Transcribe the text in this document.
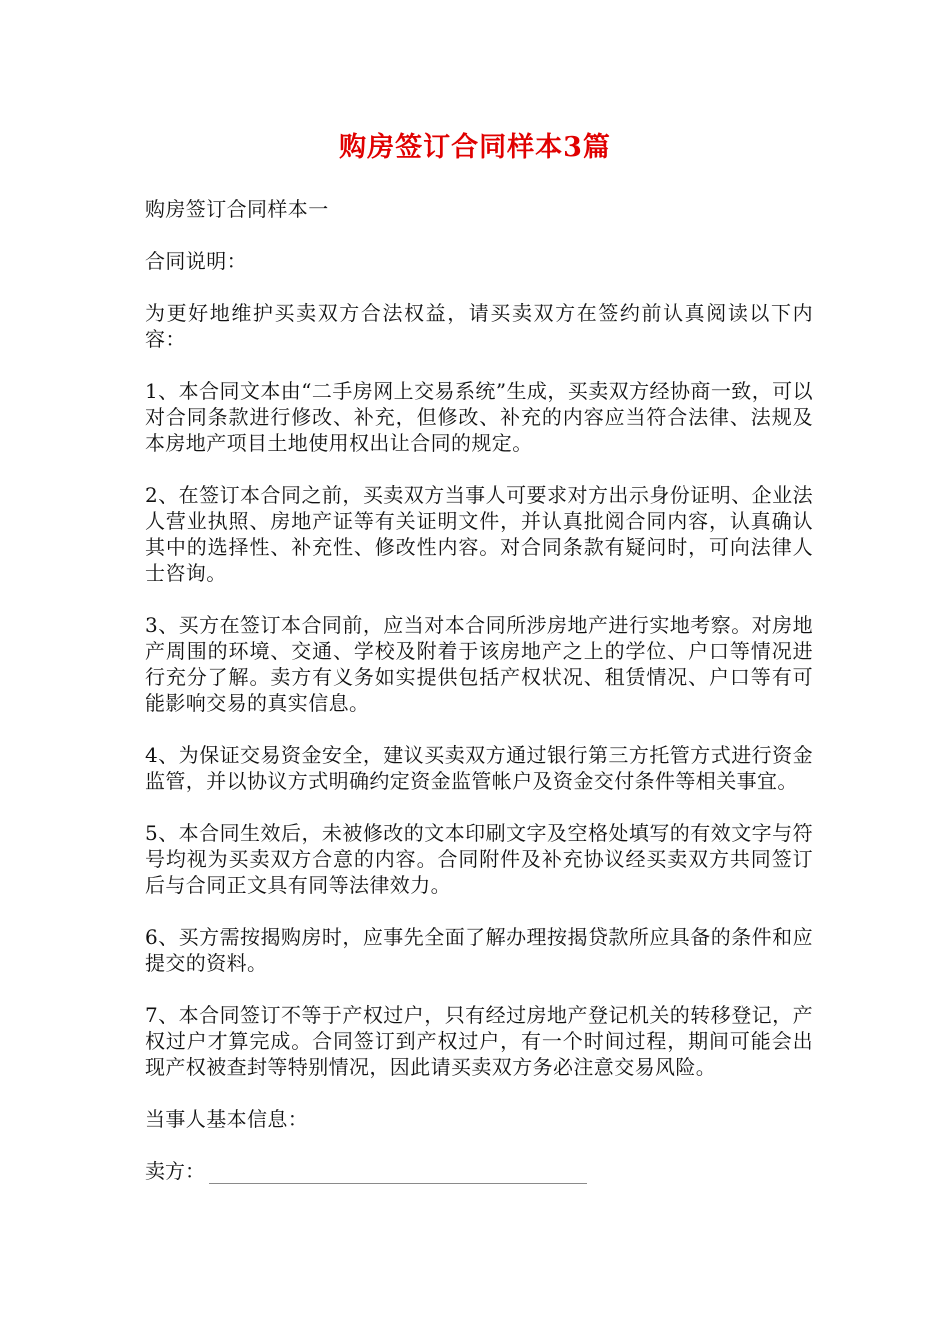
购房签订合同样本3篇

购房签订合同样本一

合同说明：

为更好地维护买卖双方合法权益，请买卖双方在签约前认真阅读以下内容：

1、本合同文本由“二手房网上交易系统”生成，买卖双方经协商一致，可以对合同条款进行修改、补充，但修改、补充的内容应当符合法律、法规及本房地产项目土地使用权出让合同的规定。

2、在签订本合同之前，买卖双方当事人可要求对方出示身份证明、企业法人营业执照、房地产证等有关证明文件，并认真批阅合同内容，认真确认其中的选择性、补充性、修改性内容。对合同条款有疑问时，可向法律人士咨询。

3、买方在签订本合同前，应当对本合同所涉房地产进行实地考察。对房地产周围的环境、交通、学校及附着于该房地产之上的学位、户口等情况进行充分了解。卖方有义务如实提供包括产权状况、租赁情况、户口等有可能影响交易的真实信息。

4、为保证交易资金安全，建议买卖双方通过银行第三方托管方式进行资金监管，并以协议方式明确约定资金监管帐户及资金交付条件等相关事宜。

5、本合同生效后，未被修改的文本印刷文字及空格处填写的有效文字与符号均视为买卖双方合意的内容。合同附件及补充协议经买卖双方共同签订后与合同正文具有同等法律效力。

6、买方需按揭购房时，应事先全面了解办理按揭贷款所应具备的条件和应提交的资料。

7、本合同签订不等于产权过户，只有经过房地产登记机关的转移登记，产权过户才算完成。合同签订到产权过户，有一个时间过程，期间可能会出现产权被查封等特别情况，因此请买卖双方务必注意交易风险。

当事人基本信息：

卖方：
